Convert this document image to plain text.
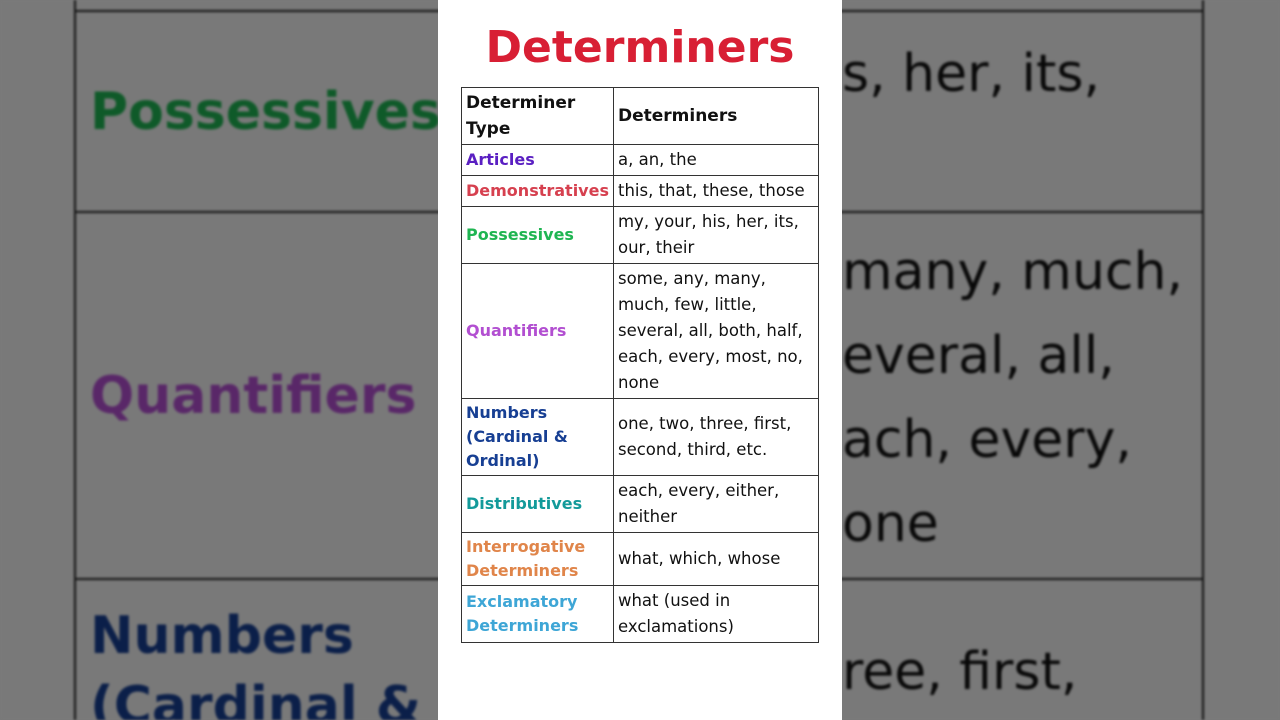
Determiners
Determiner Type	Determiners
Articles	a, an, the
Demonstratives	this, that, these, those
Possessives	my, your, his, her, its, our, their
Quantifiers	some, any, many, much, few, little, several, all, both, half, each, every, most, no, none
Numbers (Cardinal & Ordinal)	one, two, three, first, second, third, etc.
Distributives	each, every, either, neither
Interrogative Determiners	what, which, whose
Exclamatory Determiners	what (used in exclamations)
